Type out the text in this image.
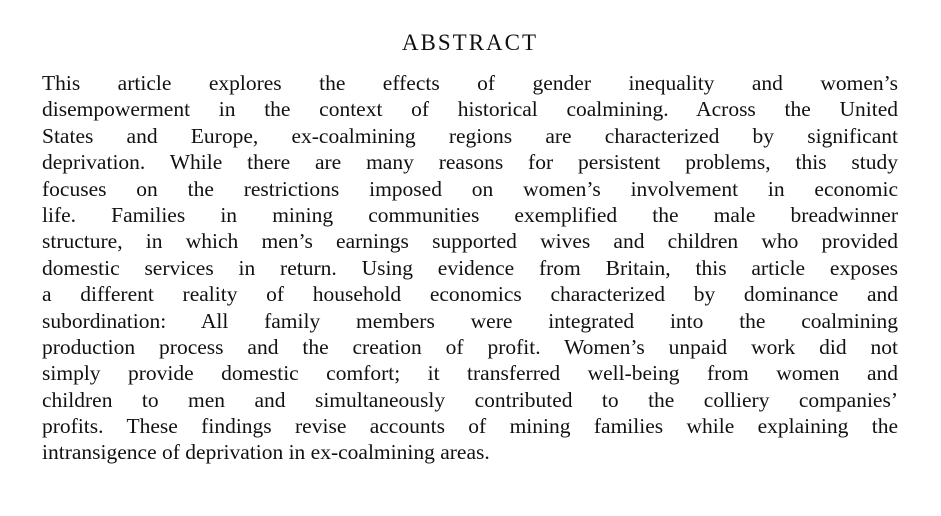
ABSTRACT
This article explores the effects of gender inequality and women’s
disempowerment in the context of historical coalmining. Across the United
States and Europe, ex-coalmining regions are characterized by significant
deprivation. While there are many reasons for persistent problems, this study
focuses on the restrictions imposed on women’s involvement in economic
life. Families in mining communities exemplified the male breadwinner
structure, in which men’s earnings supported wives and children who provided
domestic services in return. Using evidence from Britain, this article exposes
a different reality of household economics characterized by dominance and
subordination: All family members were integrated into the coalmining
production process and the creation of profit. Women’s unpaid work did not
simply provide domestic comfort; it transferred well-being from women and
children to men and simultaneously contributed to the colliery companies’
profits. These findings revise accounts of mining families while explaining the
intransigence of deprivation in ex-coalmining areas.
